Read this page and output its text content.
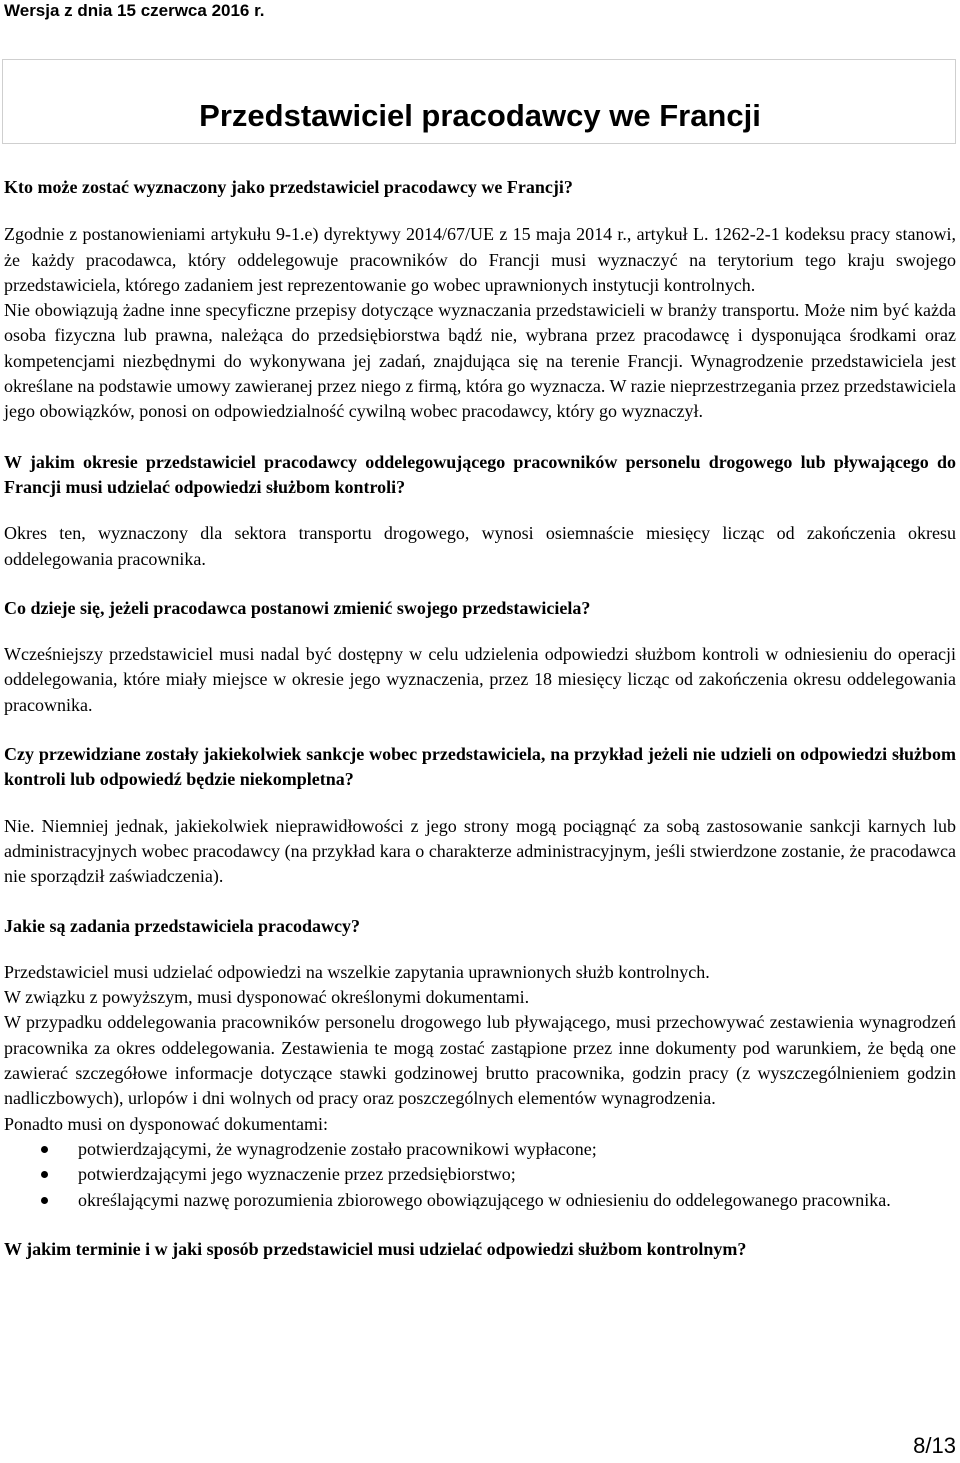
Wersja z dnia 15 czerwca 2016 r.
Przedstawiciel pracodawcy we Francji

Kto może zostać wyznaczony jako przedstawiciel pracodawcy we Francji?

Zgodnie z postanowieniami artykułu 9-1.e) dyrektywy 2014/67/UE z 15 maja 2014 r., artykuł L. 1262-2-1 kodeksu pracy stanowi, że każdy pracodawca, który oddelegowuje pracowników do Francji musi wyznaczyć na terytorium tego kraju swojego przedstawiciela, którego zadaniem jest reprezentowanie go wobec uprawnionych instytucji kontrolnych.

Nie obowiązują żadne inne specyficzne przepisy dotyczące wyznaczania przedstawicieli w branży transportu. Może nim być każda osoba fizyczna lub prawna, należąca do przedsiębiorstwa bądź nie, wybrana przez pracodawcę i dysponująca środkami oraz kompetencjami niezbędnymi do wykonywana jej zadań, znajdująca się na terenie Francji. Wynagrodzenie przedstawiciela jest określane na podstawie umowy zawieranej przez niego z firmą, która go wyznacza. W razie nieprzestrzegania przez przedstawiciela jego obowiązków, ponosi on odpowiedzialność cywilną wobec pracodawcy, który go wyznaczył.

W jakim okresie przedstawiciel pracodawcy oddelegowującego pracowników personelu drogowego lub pływającego do Francji musi udzielać odpowiedzi służbom kontroli?

Okres ten, wyznaczony dla sektora transportu drogowego, wynosi osiemnaście miesięcy licząc od zakończenia okresu oddelegowania pracownika.

Co dzieje się, jeżeli pracodawca postanowi zmienić swojego przedstawiciela?

Wcześniejszy przedstawiciel musi nadal być dostępny w celu udzielenia odpowiedzi służbom kontroli w odniesieniu do operacji oddelegowania, które miały miejsce w okresie jego wyznaczenia, przez 18 miesięcy licząc od zakończenia okresu oddelegowania pracownika.

Czy przewidziane zostały jakiekolwiek sankcje wobec przedstawiciela, na przykład jeżeli nie udzieli on odpowiedzi służbom kontroli lub odpowiedź będzie niekompletna?

Nie. Niemniej jednak, jakiekolwiek nieprawidłowości z jego strony mogą pociągnąć za sobą zastosowanie sankcji karnych lub administracyjnych wobec pracodawcy (na przykład kara o charakterze administracyjnym, jeśli stwierdzone zostanie, że pracodawca nie sporządził zaświadczenia).

Jakie są zadania przedstawiciela pracodawcy?

Przedstawiciel musi udzielać odpowiedzi na wszelkie zapytania uprawnionych służb kontrolnych.

W związku z powyższym, musi dysponować określonymi dokumentami.

W przypadku oddelegowania pracowników personelu drogowego lub pływającego, musi przechowywać zestawienia wynagrodzeń pracownika za okres oddelegowania. Zestawienia te mogą zostać zastąpione przez inne dokumenty pod warunkiem, że będą one zawierać szczegółowe informacje dotyczące stawki godzinowej brutto pracownika, godzin pracy (z wyszczególnieniem godzin nadliczbowych), urlopów i dni wolnych od pracy oraz poszczególnych elementów wynagrodzenia.

Ponadto musi on dysponować dokumentami:

potwierdzającymi, że wynagrodzenie zostało pracownikowi wypłacone;
potwierdzającymi jego wyznaczenie przez przedsiębiorstwo;
określającymi nazwę porozumienia zbiorowego obowiązującego w odniesieniu do oddelegowanego pracownika.

W jakim terminie i w jaki sposób przedstawiciel musi udzielać odpowiedzi służbom kontrolnym?

8/13
